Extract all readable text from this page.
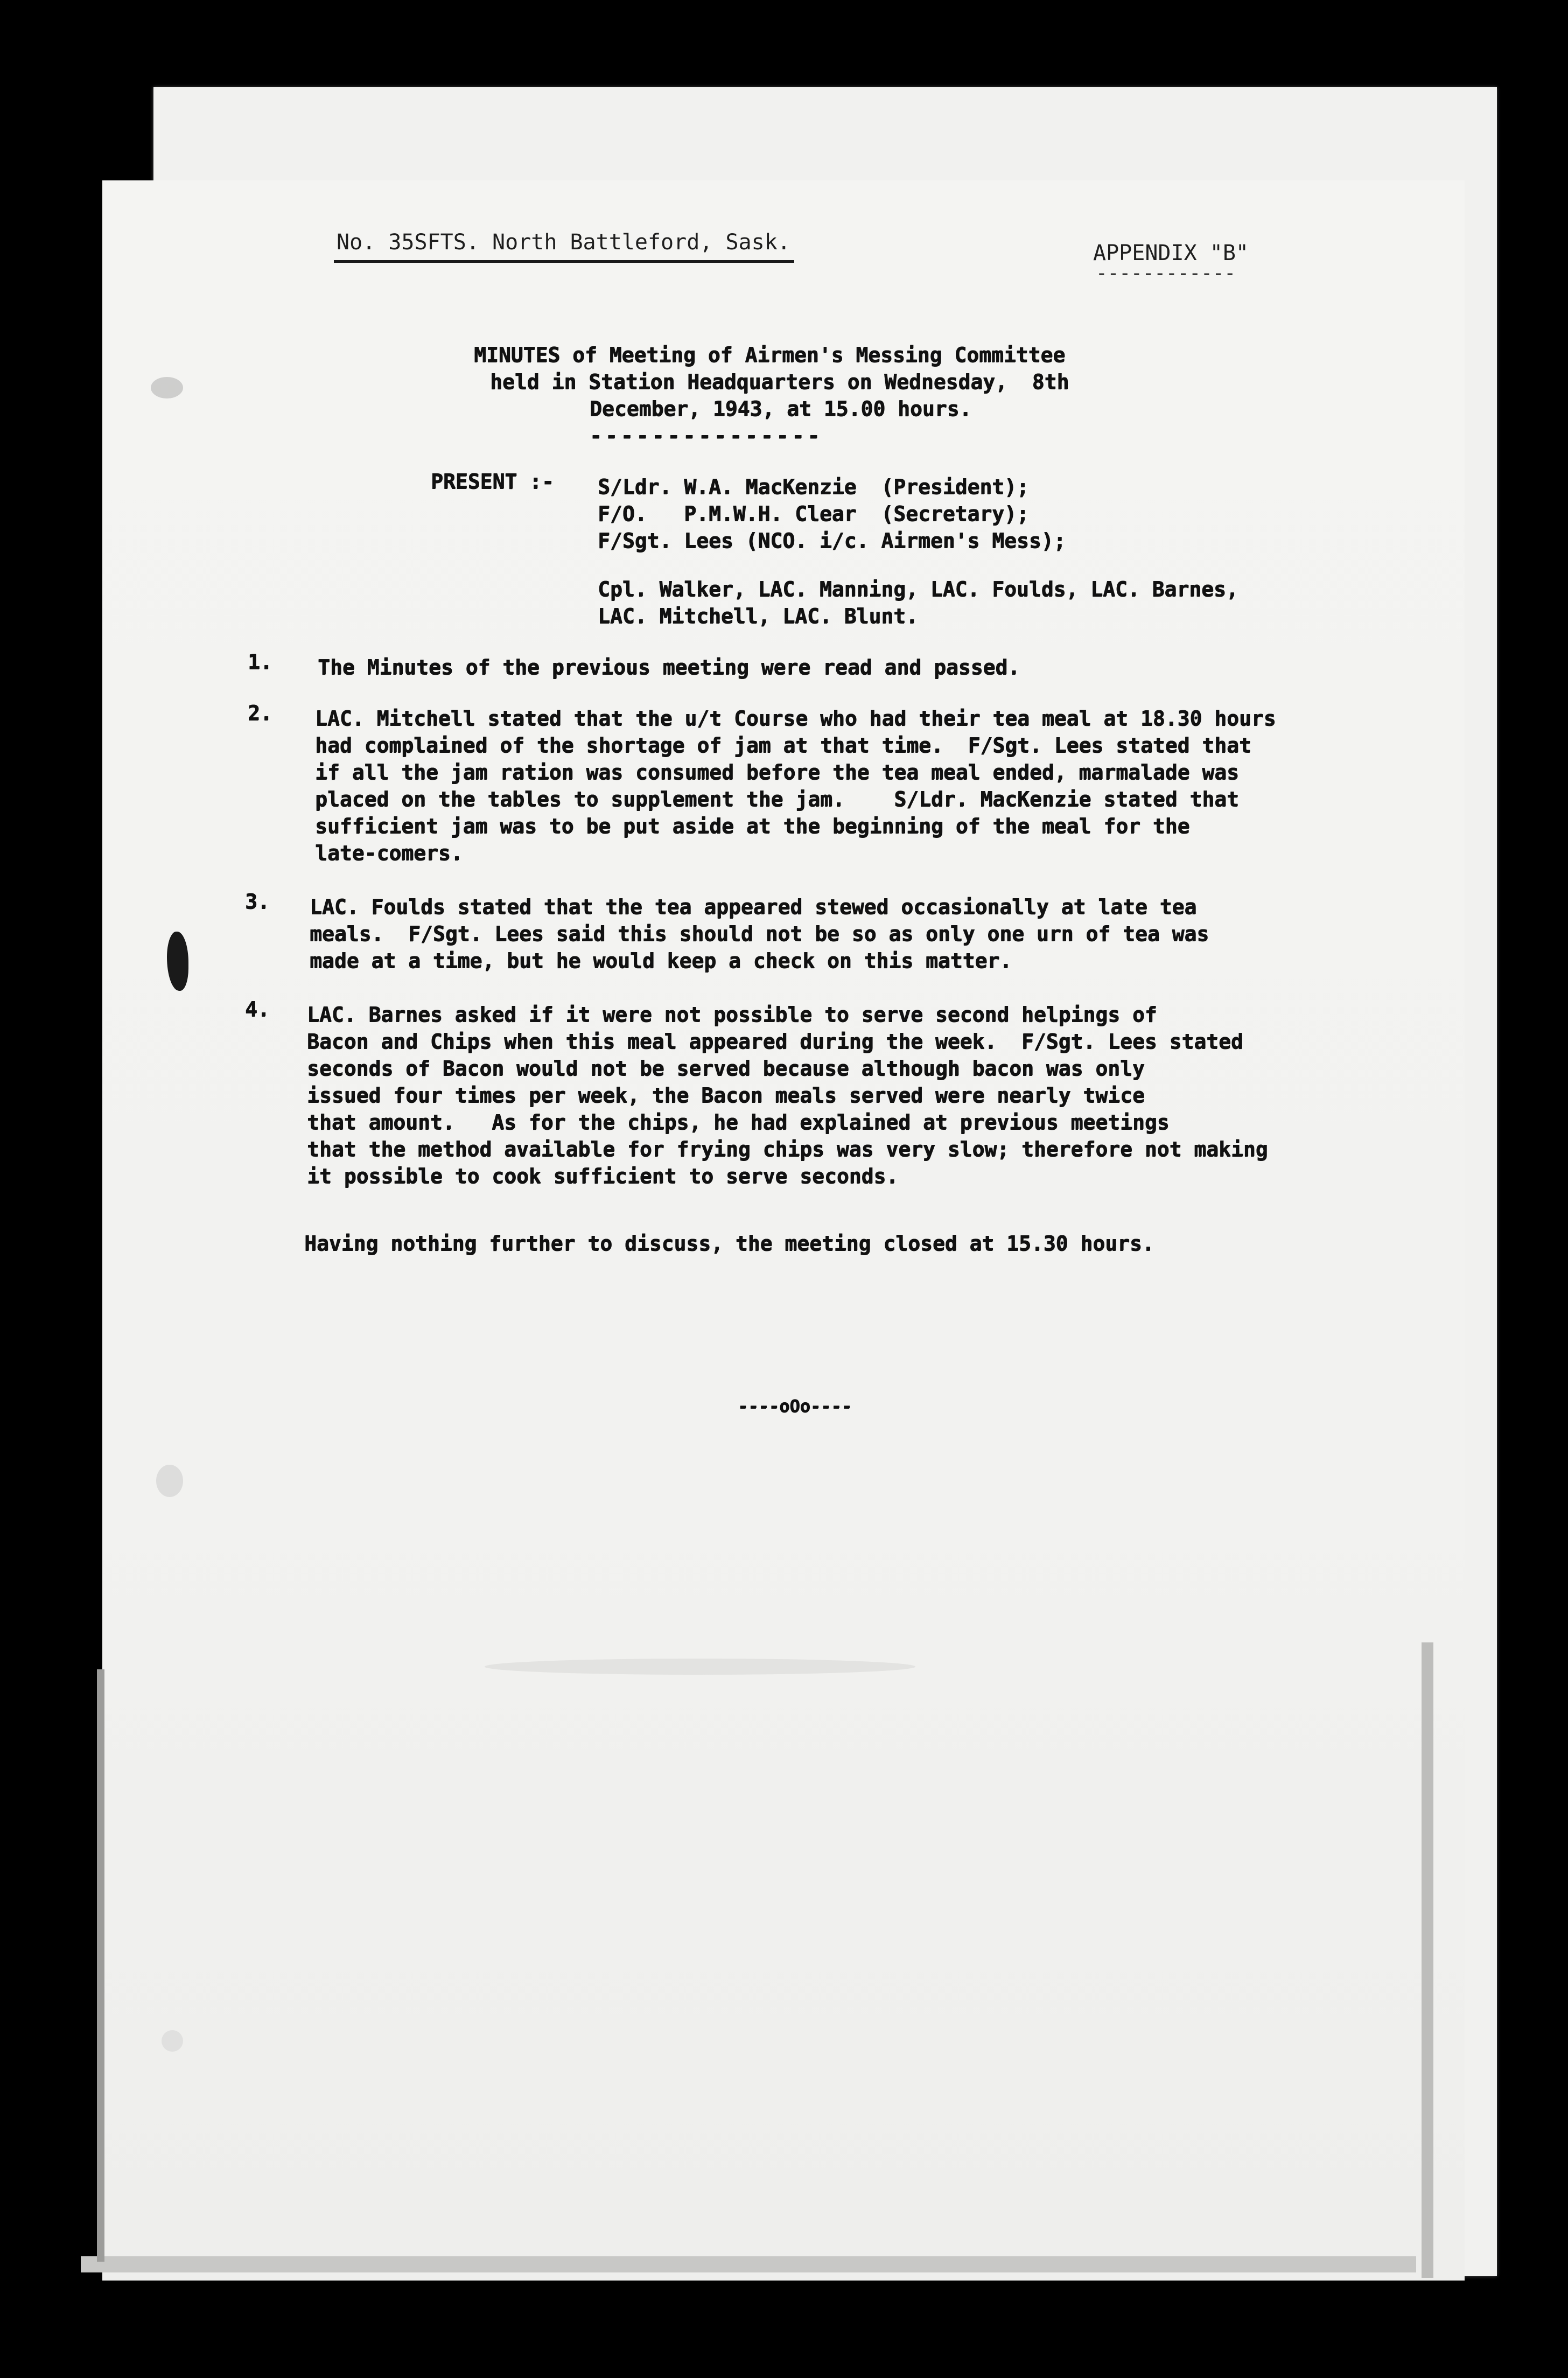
No. 35SFTS. North Battleford, Sask.	APPENDIX "B"
------------
MINUTES of Meeting of Airmen's Messing Committee
held in Station Headquarters on Wednesday,  8th
December, 1943, at 15.00 hours.
---------------
PRESENT :- S/Ldr. W.A. MacKenzie  (President);
F/O.   P.M.W.H. Clear  (Secretary);
F/Sgt. Lees (NCO. i/c. Airmen's Mess);
Cpl. Walker, LAC. Manning, LAC. Foulds, LAC. Barnes,
LAC. Mitchell, LAC. Blunt.
1. The Minutes of the previous meeting were read and passed.
2. LAC. Mitchell stated that the u/t Course who had their tea meal at 18.30 hours
had complained of the shortage of jam at that time.  F/Sgt. Lees stated that
if all the jam ration was consumed before the tea meal ended, marmalade was
placed on the tables to supplement the jam.    S/Ldr. MacKenzie stated that
sufficient jam was to be put aside at the beginning of the meal for the
late-comers.
3. LAC. Foulds stated that the tea appeared stewed occasionally at late tea
meals.  F/Sgt. Lees said this should not be so as only one urn of tea was
made at a time, but he would keep a check on this matter.
4. LAC. Barnes asked if it were not possible to serve second helpings of
Bacon and Chips when this meal appeared during the week.  F/Sgt. Lees stated
seconds of Bacon would not be served because although bacon was only
issued four times per week, the Bacon meals served were nearly twice
that amount.   As for the chips, he had explained at previous meetings
that the method available for frying chips was very slow; therefore not making
it possible to cook sufficient to serve seconds.
Having nothing further to discuss, the meeting closed at 15.30 hours.
----oOo----
